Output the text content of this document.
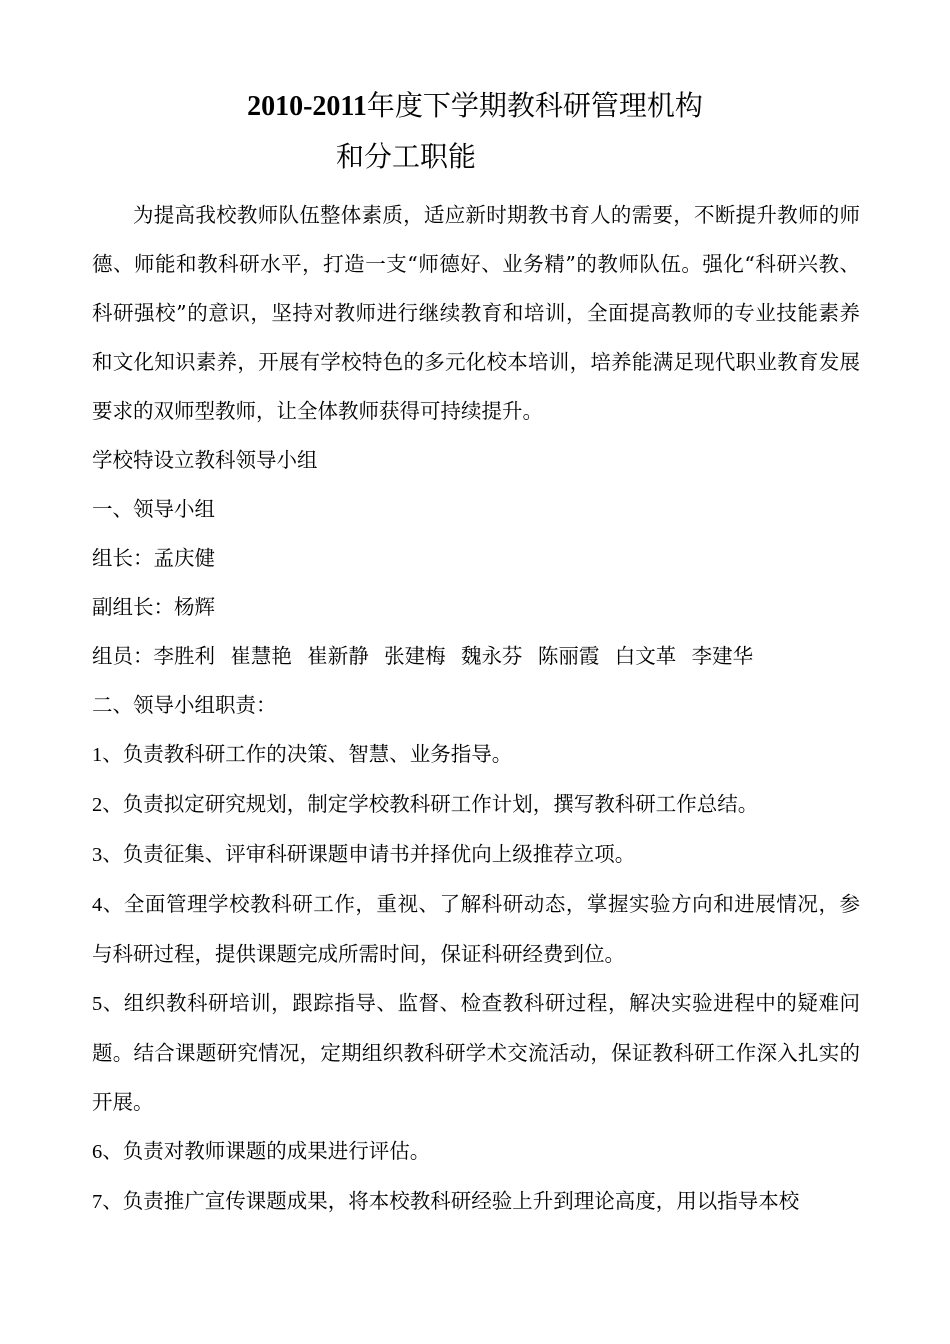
2010-2011年度下学期教科研管理机构
和分工职能

为提高我校教师队伍整体素质，适应新时期教书育人的需要，不断提升教师的师德、师能和教科研水平，打造一支“师德好、业务精”的教师队伍。强化“科研兴教、科研强校”的意识，坚持对教师进行继续教育和培训，全面提高教师的专业技能素养和文化知识素养，开展有学校特色的多元化校本培训，培养能满足现代职业教育发展要求的双师型教师，让全体教师获得可持续提升。

学校特设立教科领导小组

一、领导小组

组长：孟庆健

副组长：杨辉

组员：李胜利 崔慧艳 崔新静 张建梅 魏永芬 陈丽霞 白文革 李建华

二、领导小组职责：

1、负责教科研工作的决策、智慧、业务指导。

2、负责拟定研究规划，制定学校教科研工作计划，撰写教科研工作总结。

3、负责征集、评审科研课题申请书并择优向上级推荐立项。

4、全面管理学校教科研工作，重视、了解科研动态，掌握实验方向和进展情况，参与科研过程，提供课题完成所需时间，保证科研经费到位。

5、组织教科研培训，跟踪指导、监督、检查教科研过程，解决实验进程中的疑难问题。结合课题研究情况，定期组织教科研学术交流活动，保证教科研工作深入扎实的开展。

6、负责对教师课题的成果进行评估。

7、负责推广宣传课题成果，将本校教科研经验上升到理论高度，用以指导本校
